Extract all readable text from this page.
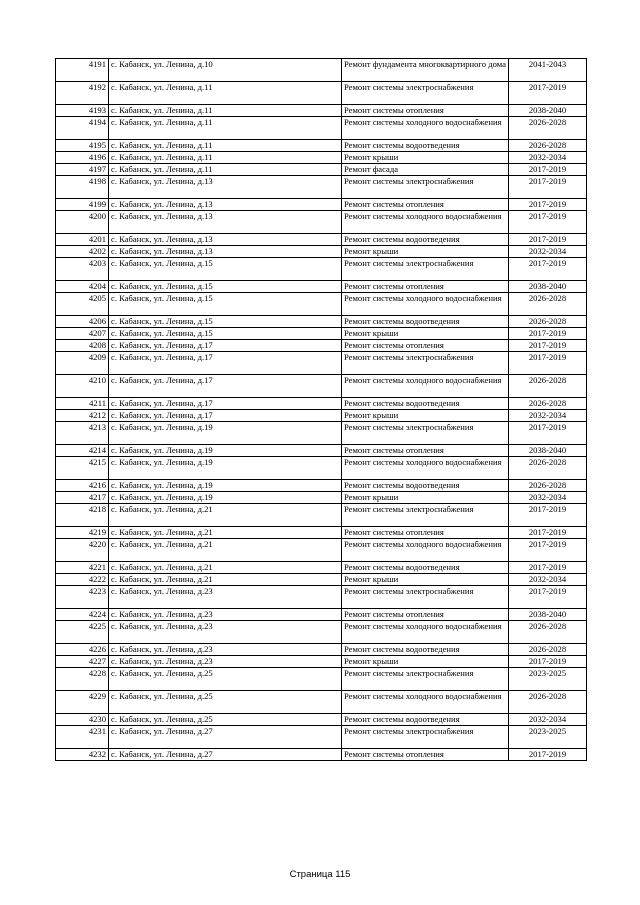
4191	с. Кабанск, ул. Ленина, д.10	Ремонт фундамента многоквартирного дома	2041-2043
4192	с. Кабанск, ул. Ленина, д.11	Ремонт системы электроснабжения	2017-2019
4193	с. Кабанск, ул. Ленина, д.11	Ремонт системы отопления	2038-2040
4194	с. Кабанск, ул. Ленина, д.11	Ремонт системы холодного водоснабжения	2026-2028
4195	с. Кабанск, ул. Ленина, д.11	Ремонт системы водоотведения	2026-2028
4196	с. Кабанск, ул. Ленина, д.11	Ремонт крыши	2032-2034
4197	с. Кабанск, ул. Ленина, д.11	Ремонт фасада	2017-2019
4198	с. Кабанск, ул. Ленина, д.13	Ремонт системы электроснабжения	2017-2019
4199	с. Кабанск, ул. Ленина, д.13	Ремонт системы отопления	2017-2019
4200	с. Кабанск, ул. Ленина, д.13	Ремонт системы холодного водоснабжения	2017-2019
4201	с. Кабанск, ул. Ленина, д.13	Ремонт системы водоотведения	2017-2019
4202	с. Кабанск, ул. Ленина, д.13	Ремонт крыши	2032-2034
4203	с. Кабанск, ул. Ленина, д.15	Ремонт системы электроснабжения	2017-2019
4204	с. Кабанск, ул. Ленина, д.15	Ремонт системы отопления	2038-2040
4205	с. Кабанск, ул. Ленина, д.15	Ремонт системы холодного водоснабжения	2026-2028
4206	с. Кабанск, ул. Ленина, д.15	Ремонт системы водоотведения	2026-2028
4207	с. Кабанск, ул. Ленина, д.15	Ремонт крыши	2017-2019
4208	с. Кабанск, ул. Ленина, д.17	Ремонт системы отопления	2017-2019
4209	с. Кабанск, ул. Ленина, д.17	Ремонт системы электроснабжения	2017-2019
4210	с. Кабанск, ул. Ленина, д.17	Ремонт системы холодного водоснабжения	2026-2028
4211	с. Кабанск, ул. Ленина, д.17	Ремонт системы водоотведения	2026-2028
4212	с. Кабанск, ул. Ленина, д.17	Ремонт крыши	2032-2034
4213	с. Кабанск, ул. Ленина, д.19	Ремонт системы электроснабжения	2017-2019
4214	с. Кабанск, ул. Ленина, д.19	Ремонт системы отопления	2038-2040
4215	с. Кабанск, ул. Ленина, д.19	Ремонт системы холодного водоснабжения	2026-2028
4216	с. Кабанск, ул. Ленина, д.19	Ремонт системы водоотведения	2026-2028
4217	с. Кабанск, ул. Ленина, д.19	Ремонт крыши	2032-2034
4218	с. Кабанск, ул. Ленина, д.21	Ремонт системы электроснабжения	2017-2019
4219	с. Кабанск, ул. Ленина, д.21	Ремонт системы отопления	2017-2019
4220	с. Кабанск, ул. Ленина, д.21	Ремонт системы холодного водоснабжения	2017-2019
4221	с. Кабанск, ул. Ленина, д.21	Ремонт системы водоотведения	2017-2019
4222	с. Кабанск, ул. Ленина, д.21	Ремонт крыши	2032-2034
4223	с. Кабанск, ул. Ленина, д.23	Ремонт системы электроснабжения	2017-2019
4224	с. Кабанск, ул. Ленина, д.23	Ремонт системы отопления	2038-2040
4225	с. Кабанск, ул. Ленина, д.23	Ремонт системы холодного водоснабжения	2026-2028
4226	с. Кабанск, ул. Ленина, д.23	Ремонт системы водоотведения	2026-2028
4227	с. Кабанск, ул. Ленина, д.23	Ремонт крыши	2017-2019
4228	с. Кабанск, ул. Ленина, д.25	Ремонт системы электроснабжения	2023-2025
4229	с. Кабанск, ул. Ленина, д.25	Ремонт системы холодного водоснабжения	2026-2028
4230	с. Кабанск, ул. Ленина, д.25	Ремонт системы водоотведения	2032-2034
4231	с. Кабанск, ул. Ленина, д.27	Ремонт системы электроснабжения	2023-2025
4232	с. Кабанск, ул. Ленина, д.27	Ремонт системы отопления	2017-2019
Страница 115
